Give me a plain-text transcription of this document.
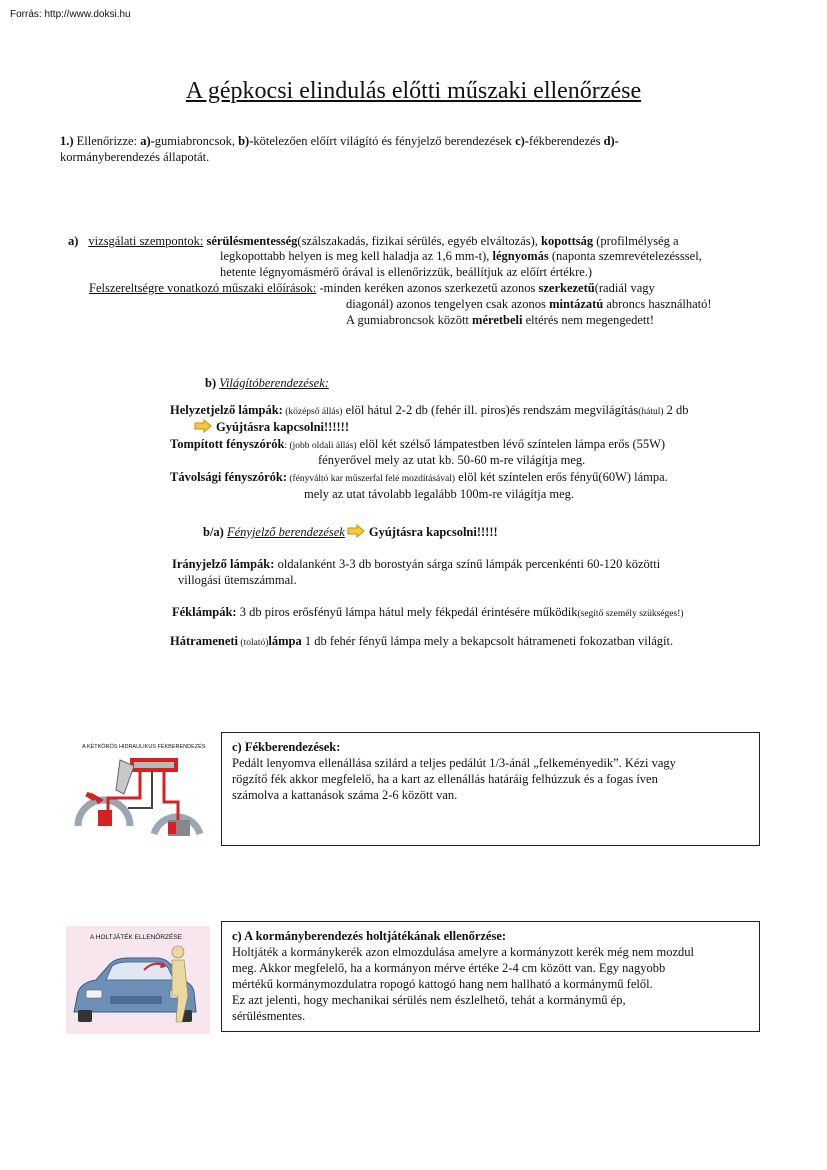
Forrás: http://www.doksi.hu
A gépkocsi elindulás előtti műszaki ellenőrzése
1.) Ellenőrizze: a)-gumiabroncsok, b)-kötelezően előírt világító és fényjelző berendezések c)-fékberendezés d)-
kormányberendezés állapotát.
a) vizsgálati szempontok: sérülésmentesség(szálszakadás, fizikai sérülés, egyéb elváltozás), kopottság (profilmélység a
legkopottabb helyen is meg kell haladja az 1,6 mm-t), légnyomás (naponta szemrevételezésssel,
hetente légnyomásmérő órával is ellenőrizzük, beállítjuk az előírt értékre.)
Felszereltségre vonatkozó műszaki előírások: -minden keréken azonos szerkezetű azonos szerkezetű(radiál vagy
diagonál) azonos tengelyen csak azonos mintázatú abroncs használható!
A gumiabroncsok között méretbeli eltérés nem megengedett!
b) Világítóberendezések:
Helyzetjelző lámpák: (középső állás) elöl hátul 2-2 db (fehér ill. piros)és rendszám megvilágítás(hátul) 2 db
Gyújtásra kapcsolni!!!!!!
Tompított fényszórók: (jobb oldali állás) elöl két szélső lámpatestben lévő színtelen lámpa erős (55W)
fényerővel mely az utat kb. 50-60 m-re világítja meg.
Távolsági fényszórók: (fényváltó kar műszerfal felé mozdításával) elöl két színtelen erős fényű(60W) lámpa.
mely az utat távolabb legalább 100m-re világítja meg.
b/a) Fényjelző berendezések Gyújtásra kapcsolni!!!!!
Irányjelző lámpák: oldalanként 3-3 db borostyán sárga színű lámpák percenkénti 60-120 közötti
villogási ütemszámmal.
Féklámpák: 3 db piros erősfényű lámpa hátul mely fékpedál érintésére működik(segítő személy szükséges!)
Hátrameneti (tolató)lámpa 1 db fehér fényű lámpa mely a bekapcsolt hátrameneti fokozatban világít.
A KÉTKÖRÖS HIDRAULIKUS FÉKBERENDEZÉS c) Fékberendezések:
Pedált lenyomva ellenállása szilárd a teljes pedálút 1/3-ánál „felkeményedik”. Kézi vagy
rögzítő fék akkor megfelelő, ha a kart az ellenállás határáig felhúzzuk és a fogas íven
számolva a kattanások száma 2-6 között van.
A HOLTJÁTÉK ELLENŐRZÉSE	c) A kormányberendezés holtjátékának ellenőrzése:
Holtjáték a kormánykerék azon elmozdulása amelyre a kormányzott kerék még nem mozdul
meg. Akkor megfelelő, ha a kormányon mérve értéke 2-4 cm között van. Egy nagyobb
mértékű kormánymozdulatra ropogó kattogó hang nem hallható a kormánymű felől.
Ez azt jelenti, hogy mechanikai sérülés nem észlelhető, tehát a kormánymű ép,
sérülésmentes.
